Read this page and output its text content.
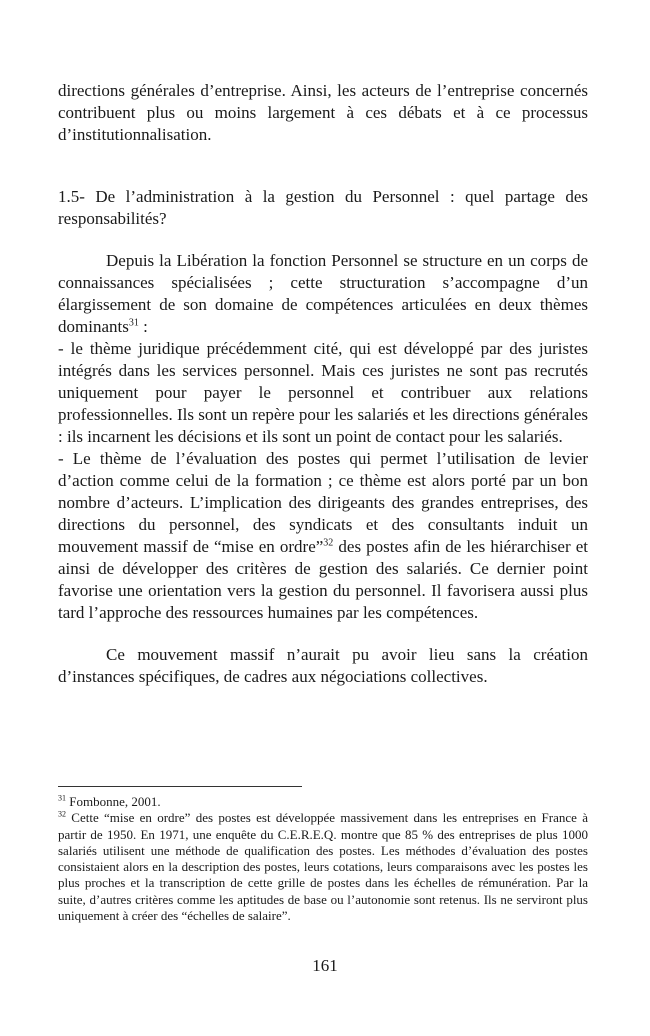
directions générales d’entreprise. Ainsi, les acteurs de l’entreprise concernés contribuent plus ou moins largement à ces débats et à ce processus d’institutionnalisation.

1.5- De l’administration à la gestion du Personnel : quel partage des responsabilités?

Depuis la Libération la fonction Personnel se structure en un corps de connaissances spécialisées ; cette structuration s’accompagne d’un élargissement de son domaine de compétences articulées en deux thèmes dominants$^{31}$ :

- le thème juridique précédemment cité, qui est développé par des juristes intégrés dans les services personnel. Mais ces juristes ne sont pas recrutés uniquement pour payer le personnel et contribuer aux relations professionnelles. Ils sont un repère pour les salariés et les directions générales : ils incarnent les décisions et ils sont un point de contact pour les salariés.

- Le thème de l’évaluation des postes qui permet l’utilisation de levier d’action comme celui de la formation ; ce thème est alors porté par un bon nombre d’acteurs. L’implication des dirigeants des grandes entreprises, des directions du personnel, des syndicats et des consultants induit un mouvement massif de “mise en ordre”$^{32}$ des postes afin de les hiérarchiser et ainsi de développer des critères de gestion des salariés. Ce dernier point favorise une orientation vers la gestion du personnel. Il favorisera aussi plus tard l’approche des ressources humaines par les compétences.

Ce mouvement massif n’aurait pu avoir lieu sans la création d’instances spécifiques, de cadres aux négociations collectives.

$^{31}$ Fombonne, 2001.

$^{32}$ Cette “mise en ordre” des postes est développée massivement dans les entreprises en France à partir de 1950. En 1971, une enquête du C.E.R.E.Q. montre que 85 % des entreprises de plus 1000 salariés utilisent une méthode de qualification des postes. Les méthodes d’évaluation des postes consistaient alors en la description des postes, leurs cotations, leurs comparaisons avec les postes les plus proches et la transcription de cette grille de postes dans les échelles de rémunération. Par la suite, d’autres critères comme les aptitudes de base ou l’autonomie sont retenus. Ils ne serviront plus uniquement à créer des “échelles de salaire”.

161
